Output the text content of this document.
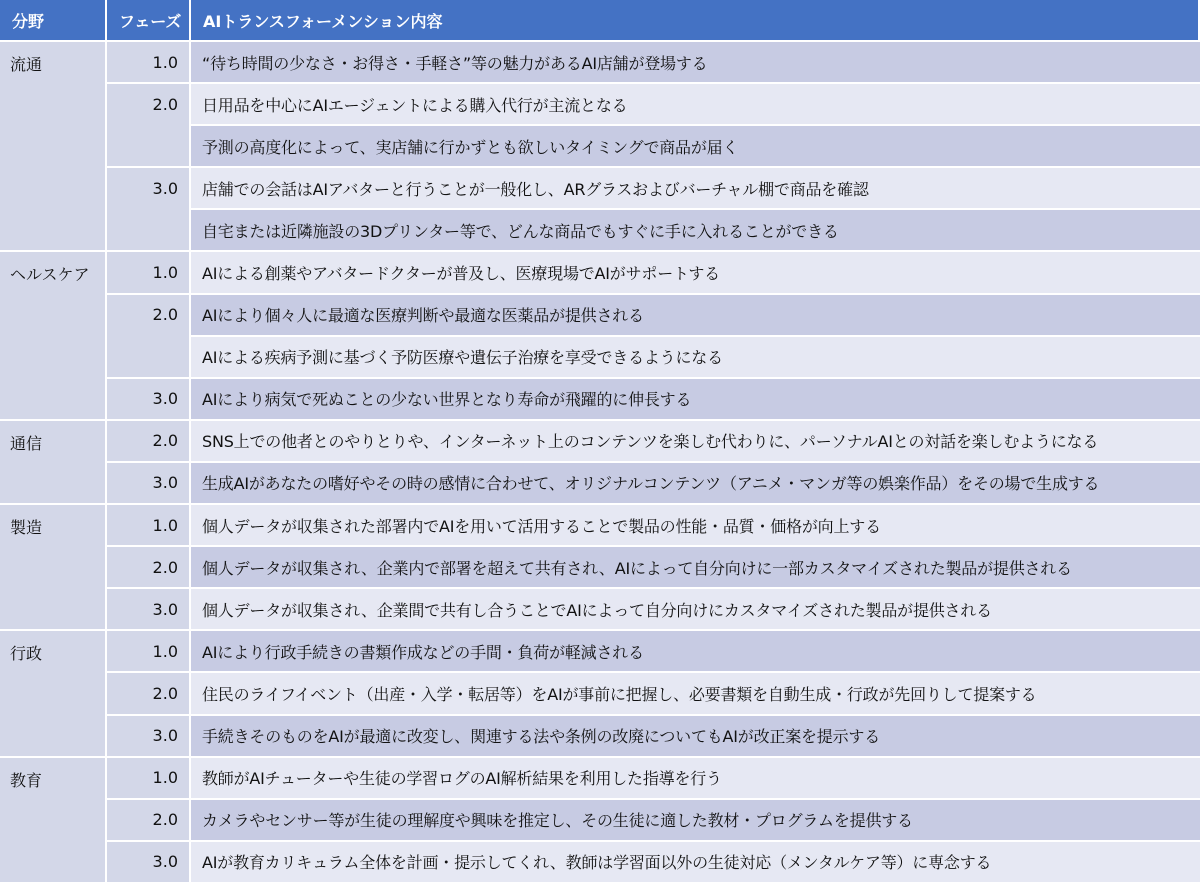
分野	フェーズ	AIトランスフォーメンション内容
流通	1.0	“待ち時間の少なさ・お得さ・手軽さ”等の魅力があるAI店舗が登場する
2.0	日用品を中心にAIエージェントによる購入代行が主流となる
予測の高度化によって、実店舗に行かずとも欲しいタイミングで商品が届く
3.0	店舗での会話はAIアバターと行うことが一般化し、ARグラスおよびバーチャル棚で商品を確認
自宅または近隣施設の3Dプリンター等で、どんな商品でもすぐに手に入れることができる
ヘルスケア	1.0	AIによる創薬やアバタードクターが普及し、医療現場でAIがサポートする
2.0	AIにより個々人に最適な医療判断や最適な医薬品が提供される
AIによる疾病予測に基づく予防医療や遺伝子治療を享受できるようになる
3.0	AIにより病気で死ぬことの少ない世界となり寿命が飛躍的に伸長する
通信	2.0	SNS上での他者とのやりとりや、インターネット上のコンテンツを楽しむ代わりに、パーソナルAIとの対話を楽しむようになる
3.0	生成AIがあなたの嗜好やその時の感情に合わせて、オリジナルコンテンツ（アニメ・マンガ等の娯楽作品）をその場で生成する
製造	1.0	個人データが収集された部署内でAIを用いて活用することで製品の性能・品質・価格が向上する
2.0	個人データが収集され、企業内で部署を超えて共有され、AIによって自分向けに一部カスタマイズされた製品が提供される
3.0	個人データが収集され、企業間で共有し合うことでAIによって自分向けにカスタマイズされた製品が提供される
行政	1.0	AIにより行政手続きの書類作成などの手間・負荷が軽減される
2.0	住民のライフイベント（出産・入学・転居等）をAIが事前に把握し、必要書類を自動生成・行政が先回りして提案する
3.0	手続きそのものをAIが最適に改変し、関連する法や条例の改廃についてもAIが改正案を提示する
教育	1.0	教師がAIチューターや生徒の学習ログのAI解析結果を利用した指導を行う
2.0	カメラやセンサー等が生徒の理解度や興味を推定し、その生徒に適した教材・プログラムを提供する
3.0	AIが教育カリキュラム全体を計画・提示してくれ、教師は学習面以外の生徒対応（メンタルケア等）に専念する
